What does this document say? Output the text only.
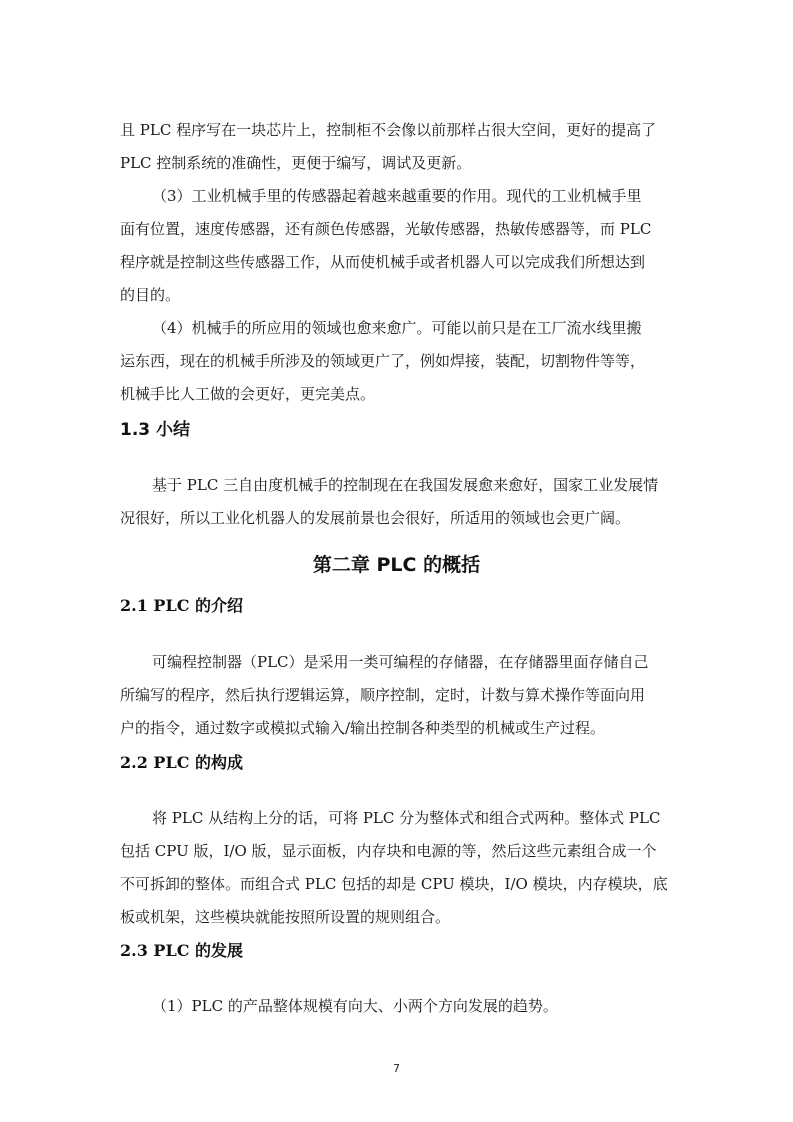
且 PLC 程序写在一块芯片上，控制柜不会像以前那样占很大空间，更好的提高了
PLC 控制系统的准确性，更便于编写，调试及更新。
（3）工业机械手里的传感器起着越来越重要的作用。现代的工业机械手里
面有位置，速度传感器，还有颜色传感器，光敏传感器，热敏传感器等，而 PLC
程序就是控制这些传感器工作，从而使机械手或者机器人可以完成我们所想达到
的目的。
（4）机械手的所应用的领域也愈来愈广。可能以前只是在工厂流水线里搬
运东西，现在的机械手所涉及的领域更广了，例如焊接，装配，切割物件等等，
机械手比人工做的会更好，更完美点。
1.3 小结
基于 PLC 三自由度机械手的控制现在在我国发展愈来愈好，国家工业发展情
况很好，所以工业化机器人的发展前景也会很好，所适用的领域也会更广阔。
第二章 PLC 的概括
2.1 PLC 的介绍
可编程控制器（PLC）是采用一类可编程的存储器，在存储器里面存储自己
所编写的程序，然后执行逻辑运算，顺序控制，定时，计数与算术操作等面向用
户的指令，通过数字或模拟式输入/输出控制各种类型的机械或生产过程。
2.2 PLC 的构成
将 PLC 从结构上分的话，可将 PLC 分为整体式和组合式两种。整体式 PLC
包括 CPU 版，I/O 版，显示面板，内存块和电源的等，然后这些元素组合成一个
不可拆卸的整体。而组合式 PLC 包括的却是 CPU 模块，I/O 模块，内存模块，底
板或机架，这些模块就能按照所设置的规则组合。
2.3 PLC 的发展
（1）PLC 的产品整体规模有向大、小两个方向发展的趋势。
7
